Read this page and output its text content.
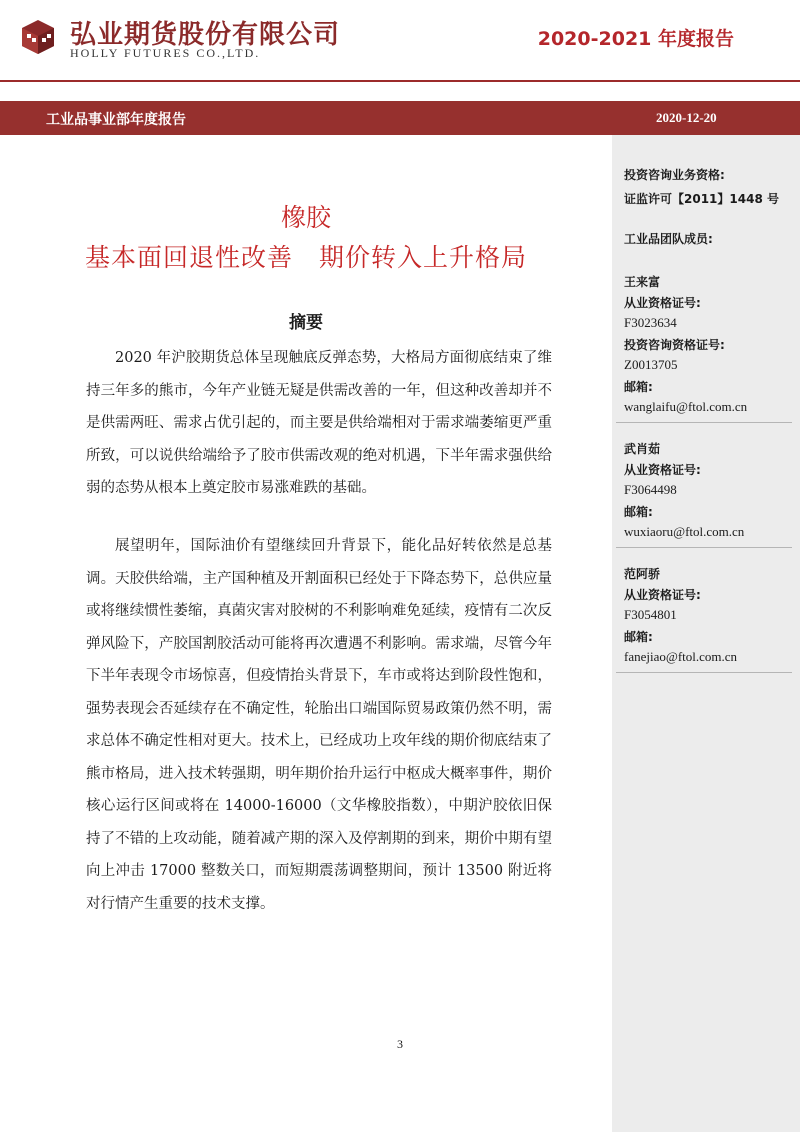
弘业期货股份有限公司
HOLLY FUTURES CO.,LTD.
2020-2021 年度报告
工业品事业部年度报告	2020-12-20
投资咨询业务资格:
证监许可【2011】1448 号
工业品团队成员:
王来富
从业资格证号:
F3023634
投资咨询资格证号:
Z0013705
邮箱:
wanglaifu@ftol.com.cn
武肖茹
从业资格证号:
F3064498
邮箱:
wuxiaoru@ftol.com.cn
范阿骄
从业资格证号:
F3054801
邮箱:
fanejiao@ftol.com.cn
橡胶
基本面回退性改善　期价转入上升格局
摘要

2020 年沪胶期货总体呈现触底反弹态势，大格局方面彻底结束了维持三年多的熊市，今年产业链无疑是供需改善的一年，但这种改善却并不是供需两旺、需求占优引起的，而主要是供给端相对于需求端萎缩更严重所致，可以说供给端给予了胶市供需改观的绝对机遇，下半年需求强供给弱的态势从根本上奠定胶市易涨难跌的基础。

展望明年，国际油价有望继续回升背景下，能化品好转依然是总基调。天胶供给端，主产国种植及开割面积已经处于下降态势下，总供应量或将继续惯性萎缩，真菌灾害对胶树的不利影响难免延续，疫情有二次反弹风险下，产胶国割胶活动可能将再次遭遇不利影响。需求端，尽管今年下半年表现令市场惊喜，但疫情抬头背景下，车市或将达到阶段性饱和，强势表现会否延续存在不确定性，轮胎出口端国际贸易政策仍然不明，需求总体不确定性相对更大。技术上，已经成功上攻年线的期价彻底结束了熊市格局，进入技术转强期，明年期价抬升运行中枢成大概率事件，期价核心运行区间或将在 14000-16000（文华橡胶指数），中期沪胶依旧保持了不错的上攻动能，随着减产期的深入及停割期的到来，期价中期有望向上冲击 17000 整数关口，而短期震荡调整期间，预计 13500 附近将对行情产生重要的技术支撑。

3
